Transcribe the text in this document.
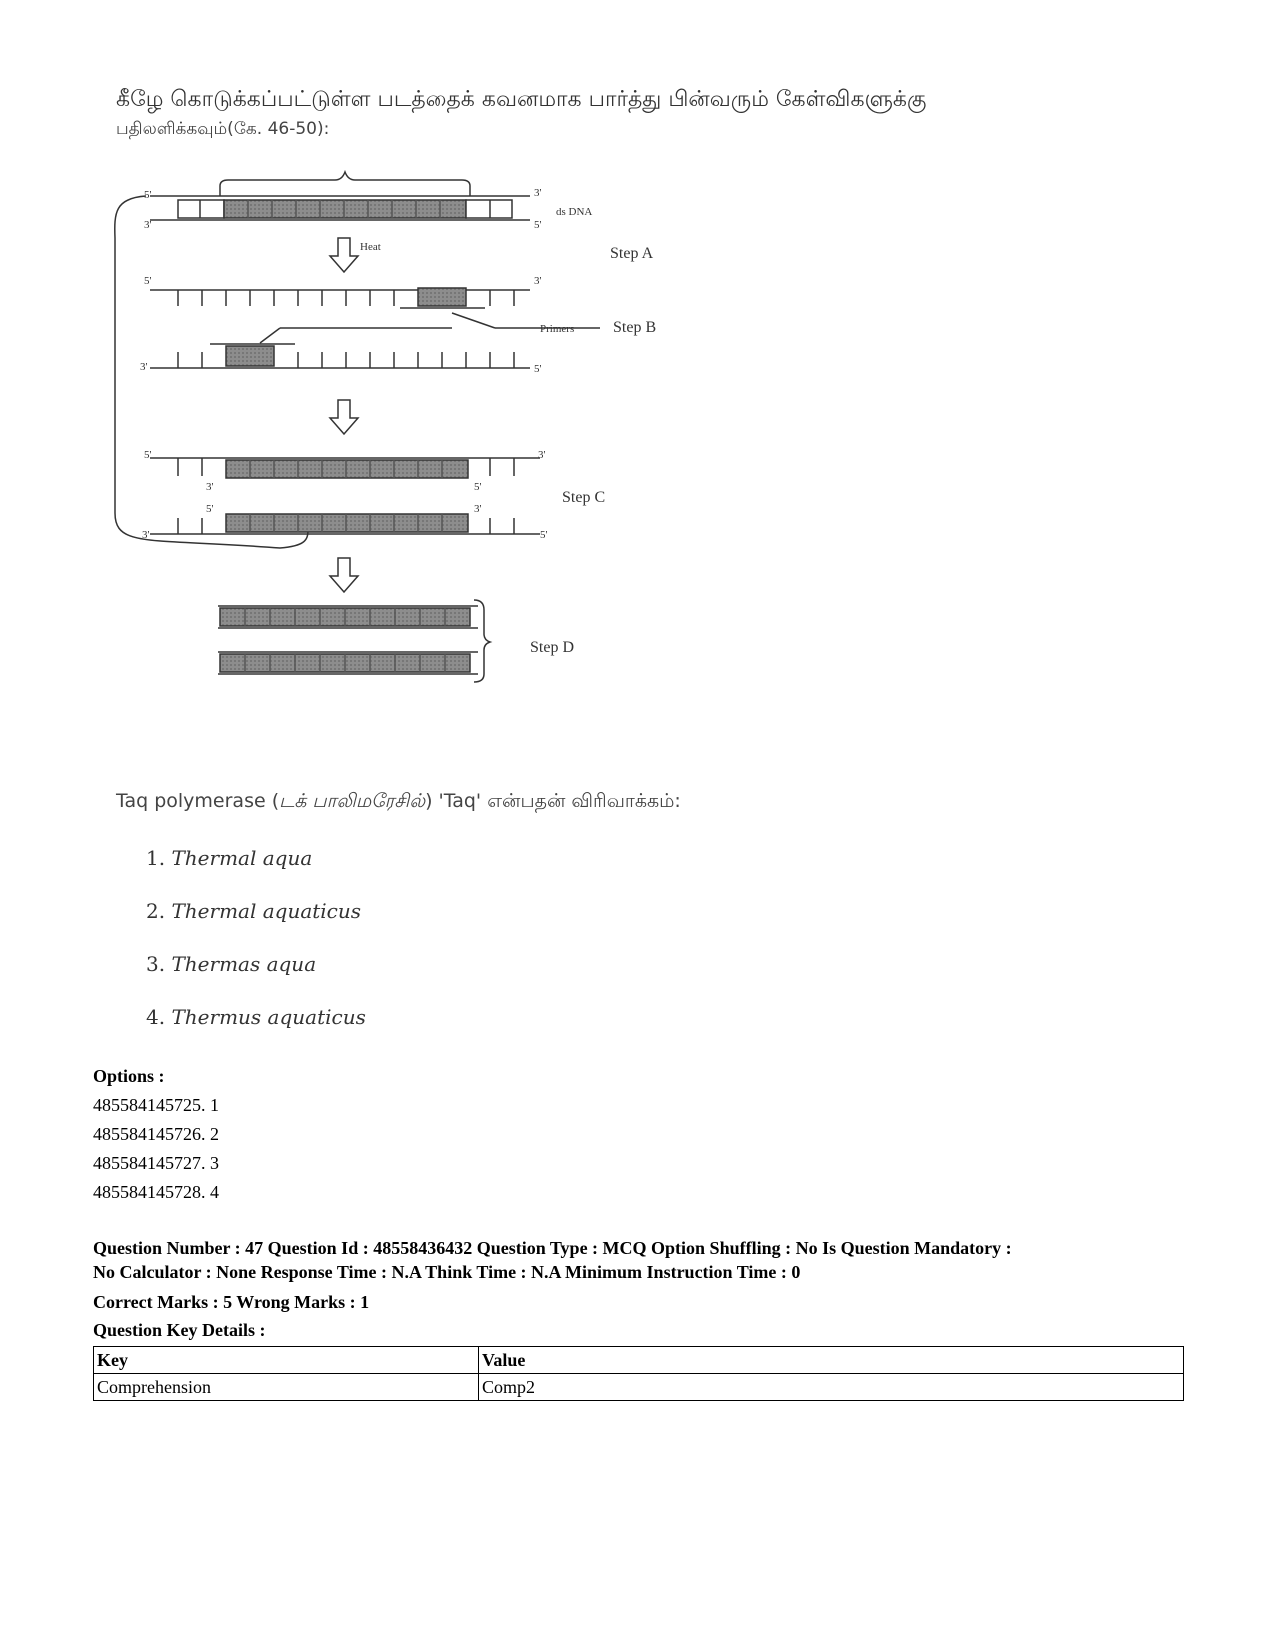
கீழே கொடுக்கப்பட்டுள்ள படத்தைக் கவனமாக பார்த்து பின்வரும் கேள்விகளுக்கு
பதிலளிக்கவும்(கே. 46-50):
5'
3'
3'
5'
5'	3'
3'	5'
5'	3'
3'	5'
3'	5'
5'	3'
ds DNA
Heat
Primers
Step A
Step B
Step C
Step D
Taq polymerase (டக் பாலிமரேசில்) 'Taq' என்பதன் விரிவாக்கம்:
1. Thermal aqua
2. Thermal aquaticus
3. Thermas aqua
4. Thermus aquaticus
Options :
485584145725. 1
485584145726. 2
485584145727. 3
485584145728. 4
Question Number : 47 Question Id : 48558436432 Question Type : MCQ Option Shuffling : No Is Question Mandatory :
No Calculator : None Response Time : N.A Think Time : N.A Minimum Instruction Time : 0
Correct Marks : 5 Wrong Marks : 1
Question Key Details :
Key	Value
Comprehension	Comp2
